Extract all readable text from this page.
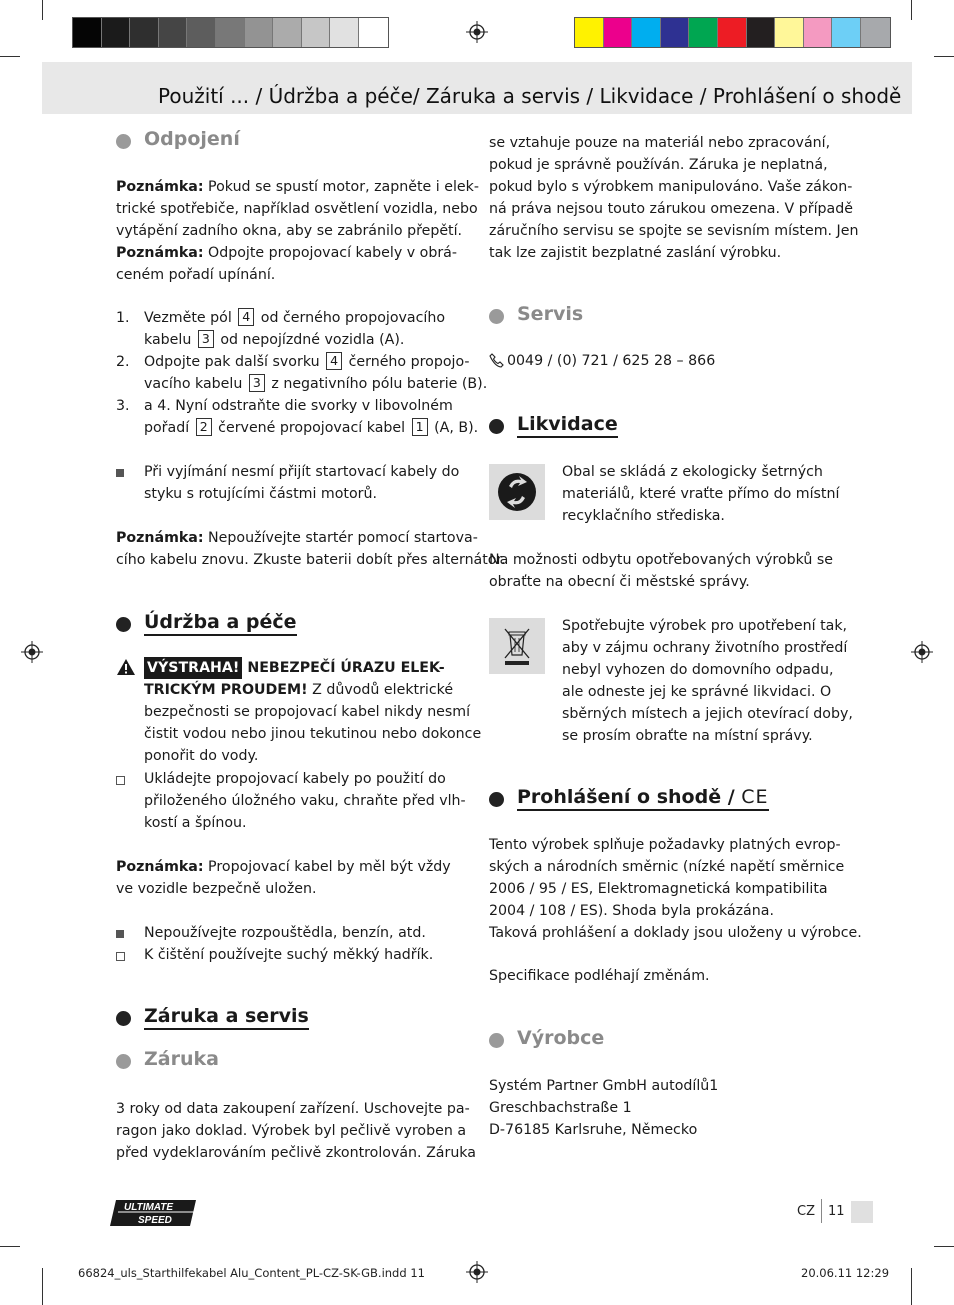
Použití ... / Údržba a péče/ Záruka a servis / Likvidace / Prohlášení o shodě
Odpojení
Poznámka: Pokud se spustí motor, zapněte i elek-
trické spotřebiče, například osvětlení vozidla, nebo
vytápění zadního okna, aby se zabránilo přepětí.
Poznámka: Odpojte propojovací kabely v obrá-
ceném pořadí upínání.
1. Vezměte pól 4 od černého propojovacího
kabelu 3 od nepojízdné vozidla (A).
2. Odpojte pak další svorku 4 černého propojo-
vacího kabelu 3 z negativního pólu baterie (B).
3. a 4. Nyní odstraňte die svorky v libovolném
pořadí 2 červené propojovací kabel 1 (A, B).
Při vyjímání nesmí přijít startovací kabely do
styku s rotujícími částmi motorů.
Poznámka: Nepoužívejte startér pomocí startova-
cího kabelu znovu. Zkuste baterii dobít přes alternátor.
Údržba a péče
VÝSTRAHA! NEBEZPEČÍ ÚRAZU ELEK-
TRICKÝM PROUDEM! Z důvodů elektrické
bezpečnosti se propojovací kabel nikdy nesmí
čistit vodou nebo jinou tekutinou nebo dokonce
ponořit do vody.
Ukládejte propojovací kabely po použití do
přiloženého úložného vaku, chraňte před vlh-
kostí a špínou.
Poznámka: Propojovací kabel by měl být vždy
ve vozidle bezpečně uložen.
Nepoužívejte rozpouštědla, benzín, atd.
K čištění používejte suchý měkký hadřík.
Záruka a servis
Záruka
3 roky od data zakoupení zařízení. Uschovejte pa-
ragon jako doklad. Výrobek byl pečlivě vyroben a
před vydeklarováním pečlivě zkontrolován. Záruka
se vztahuje pouze na materiál nebo zpracování,
pokud je správně používán. Záruka je neplatná,
pokud bylo s výrobkem manipulováno. Vaše zákon-
ná práva nejsou touto zárukou omezena. V případě
záručního servisu se spojte se sevisním místem. Jen
tak lze zajistit bezplatné zaslání výrobku.
Servis
0049 / (0) 721 / 625 28 – 866
Likvidace
Obal se skládá z ekologicky šetrných
materiálů, které vraťte přímo do místní
recyklačního střediska.
Na možnosti odbytu opotřebovaných výrobků se
obraťte na obecní či městské správy.
Spotřebujte výrobek pro upotřebení tak,
aby v zájmu ochrany životního prostředí
nebyl vyhozen do domovního odpadu,
ale odneste jej ke správné likvidaci. O
sběrných místech a jejich otevírací doby,
se prosím obraťte na místní správy.
Prohlášení o shodě / CE
Tento výrobek splňuje požadavky platných evrop-
ských a národních směrnic (nízké napětí směrnice
2006 / 95 / ES, Elektromagnetická kompatibilita
2004 / 108 / ES). Shoda byla prokázána.
Taková prohlášení a doklady jsou uloženy u výrobce.
Specifikace podléhají změnám.
Výrobce
Systém Partner GmbH autodílů1
Greschbachstraße 1
D-76185 Karlsruhe, Německo
ULTIMATE
SPEED
CZ 11
66824_uls_Starthilfekabel Alu_Content_PL-CZ-SK-GB.indd 11	20.06.11 12:29
